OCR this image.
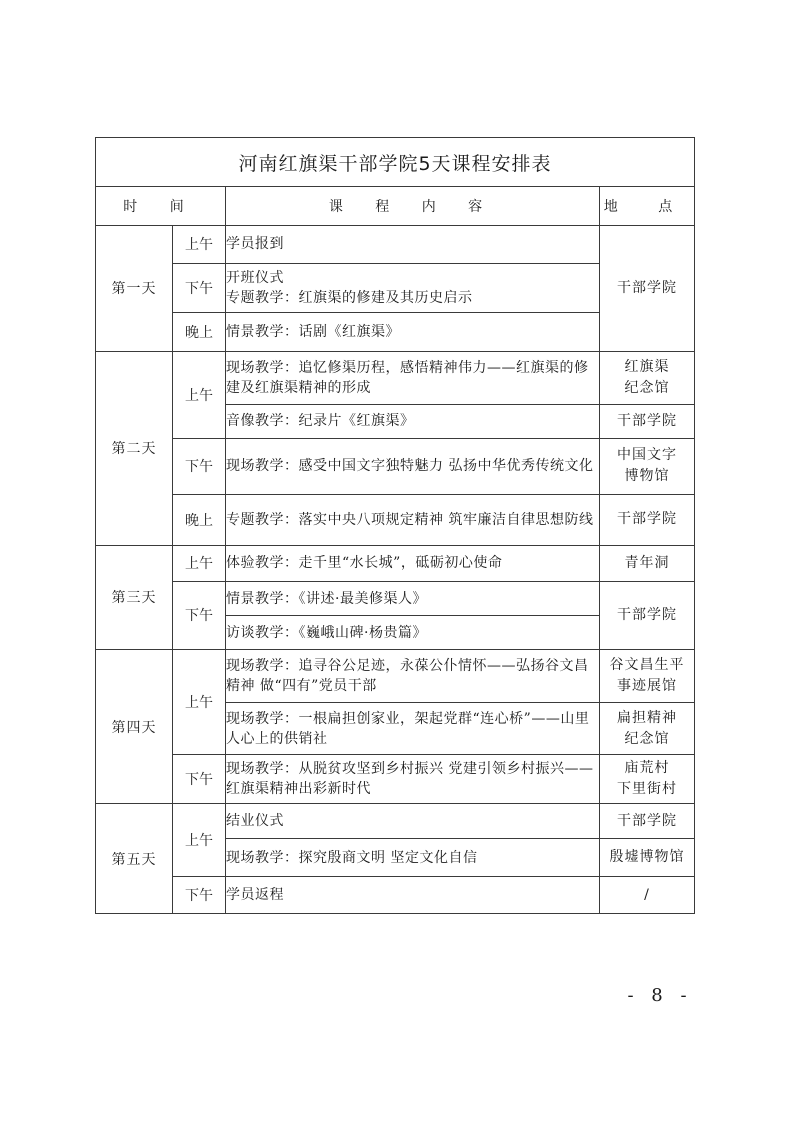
河南红旗渠干部学院5天课程安排表			
时 间		课 程 内 容	地 点
第一天	上午	学员报到	干部学院
	下午	开班仪式
专题教学：红旗渠的修建及其历史启示	
	晚上	情景教学：话剧《红旗渠》	
第二天	上午	现场教学：追忆修渠历程，感悟精神伟力——红旗渠的修建及红旗渠精神的形成	红旗渠
纪念馆
		音像教学：纪录片《红旗渠》	干部学院
	下午	现场教学：感受中国文字独特魅力 弘扬中华优秀传统文化	中国文字
博物馆
	晚上	专题教学：落实中央八项规定精神 筑牢廉洁自律思想防线	干部学院
第三天	上午	体验教学：走千里“水长城”，砥砺初心使命	青年洞
	下午	情景教学：《讲述·最美修渠人》	干部学院
		访谈教学：《巍峨山碑·杨贵篇》	
第四天	上午	现场教学：追寻谷公足迹，永葆公仆情怀——弘扬谷文昌精神 做“四有”党员干部	谷文昌生平
事迹展馆
		现场教学：一根扁担创家业，架起党群“连心桥”——山里人心上的供销社	扁担精神
纪念馆
	下午	现场教学：从脱贫攻坚到乡村振兴 党建引领乡村振兴——红旗渠精神出彩新时代	庙荒村
下里街村
第五天	上午	结业仪式	干部学院
		现场教学：探究殷商文明 坚定文化自信	殷墟博物馆
	下午	学员返程	/
- 8 -
